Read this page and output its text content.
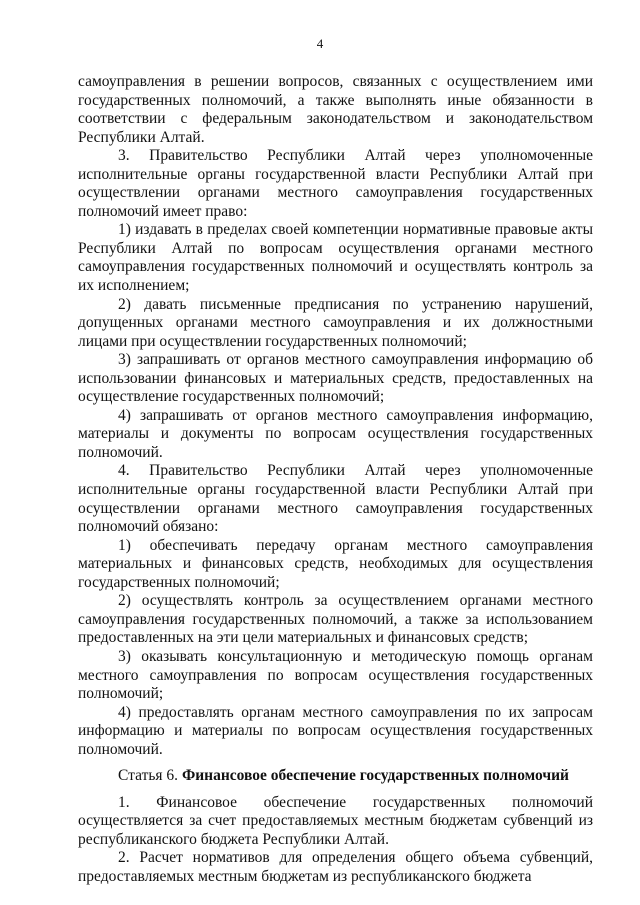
4

самоуправления в решении вопросов, связанных с осуществлением ими государственных полномочий, а также выполнять иные обязанности в соответствии с федеральным законодательством и законодательством Республики Алтай.

3. Правительство Республики Алтай через уполномоченные исполнительные органы государственной власти Республики Алтай при осуществлении органами местного самоуправления государственных полномочий имеет право:

1) издавать в пределах своей компетенции нормативные правовые акты Республики Алтай по вопросам осуществления органами местного самоуправления государственных полномочий и осуществлять контроль за их исполнением;

2) давать письменные предписания по устранению нарушений, допущенных органами местного самоуправления и их должностными лицами при осуществлении государственных полномочий;

3) запрашивать от органов местного самоуправления информацию об использовании финансовых и материальных средств, предоставленных на осуществление государственных полномочий;

4) запрашивать от органов местного самоуправления информацию, материалы и документы по вопросам осуществления государственных полномочий.

4. Правительство Республики Алтай через уполномоченные исполнительные органы государственной власти Республики Алтай при осуществлении органами местного самоуправления государственных полномочий обязано:

1) обеспечивать передачу органам местного самоуправления материальных и финансовых средств, необходимых для осуществления государственных полномочий;

2) осуществлять контроль за осуществлением органами местного самоуправления государственных полномочий, а также за использованием предоставленных на эти цели материальных и финансовых средств;

3) оказывать консультационную и методическую помощь органам местного самоуправления по вопросам осуществления государственных полномочий;

4) предоставлять органам местного самоуправления по их запросам информацию и материалы по вопросам осуществления государственных полномочий.

Статья 6. Финансовое обеспечение государственных полномочий

1. Финансовое обеспечение государственных полномочий осуществляется за счет предоставляемых местным бюджетам субвенций из республиканского бюджета Республики Алтай.

2. Расчет нормативов для определения общего объема субвенций, предоставляемых местным бюджетам из республиканского бюджета
